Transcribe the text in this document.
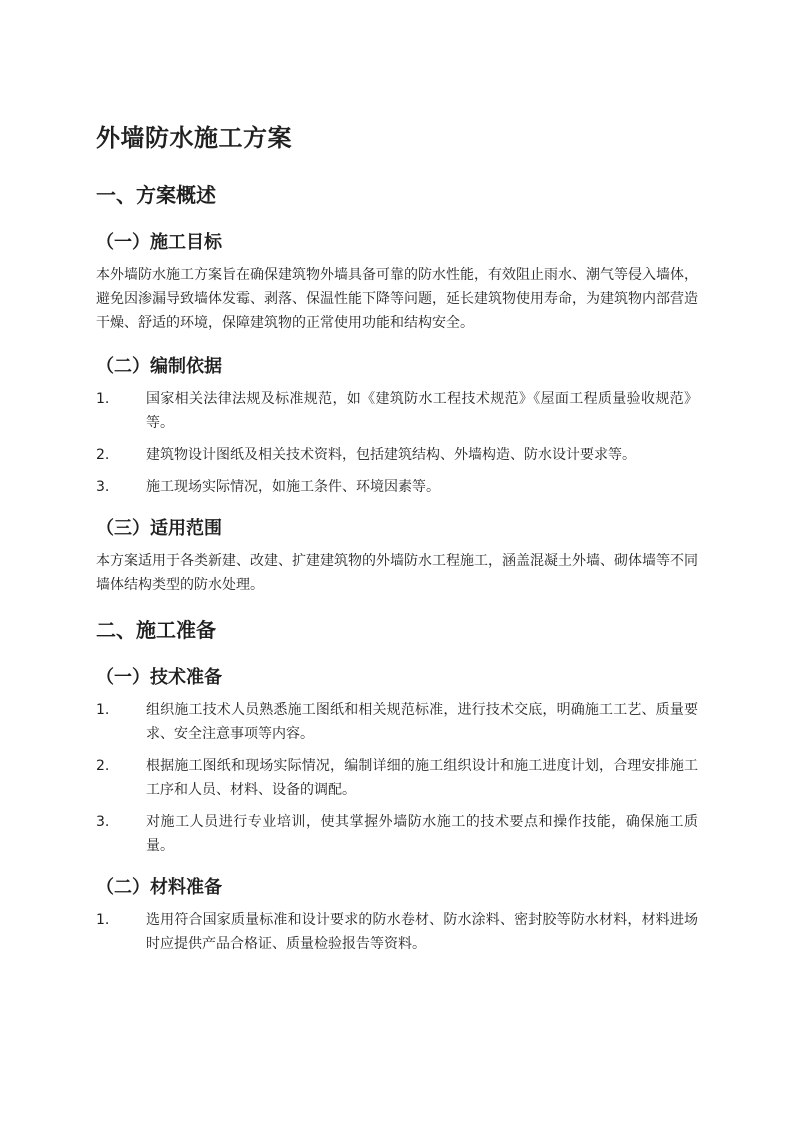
外墙防水施工方案
一、方案概述
（一）施工目标

本外墙防水施工方案旨在确保建筑物外墙具备可靠的防水性能，有效阻止雨水、潮气等侵入墙体，避免因渗漏导致墙体发霉、剥落、保温性能下降等问题，延长建筑物使用寿命，为建筑物内部营造干燥、舒适的环境，保障建筑物的正常使用功能和结构安全。

（二）编制依据
1.	国家相关法律法规及标准规范，如《建筑防水工程技术规范》《屋面工程质量验收规范》等。
2.	建筑物设计图纸及相关技术资料，包括建筑结构、外墙构造、防水设计要求等。
3.	施工现场实际情况，如施工条件、环境因素等。
（三）适用范围

本方案适用于各类新建、改建、扩建建筑物的外墙防水工程施工，涵盖混凝土外墙、砌体墙等不同墙体结构类型的防水处理。

二、施工准备
（一）技术准备
1.	组织施工技术人员熟悉施工图纸和相关规范标准，进行技术交底，明确施工工艺、质量要求、安全注意事项等内容。
2.	根据施工图纸和现场实际情况，编制详细的施工组织设计和施工进度计划，合理安排施工工序和人员、材料、设备的调配。
3.	对施工人员进行专业培训，使其掌握外墙防水施工的技术要点和操作技能，确保施工质量。
（二）材料准备
1.	选用符合国家质量标准和设计要求的防水卷材、防水涂料、密封胶等防水材料，材料进场时应提供产品合格证、质量检验报告等资料。
